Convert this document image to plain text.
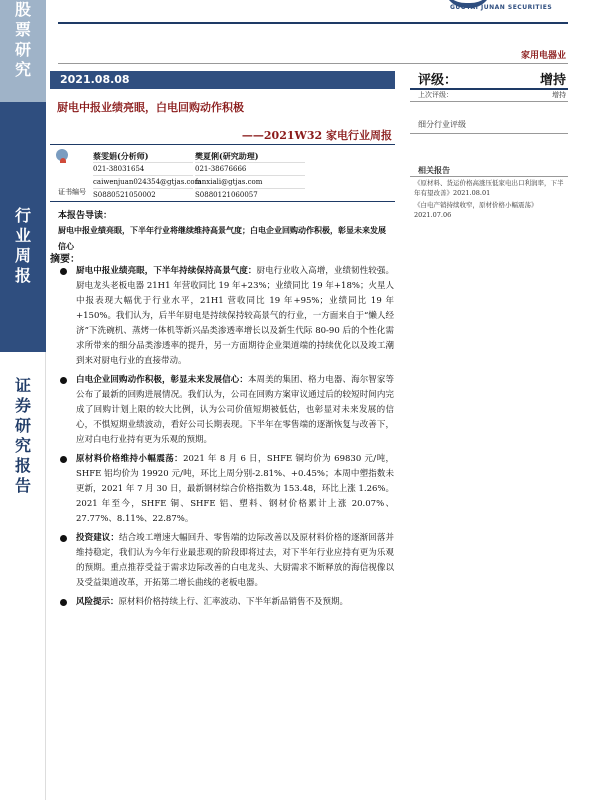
股票研究
行业周报
证券研究报告
GUOTAI JUNAN SECURITIES
家用电器业
2021.08.08
厨电中报业绩亮眼，白电回购动作积极
——2021W32 家电行业周报
蔡雯娟(分析师)
021-38031654
caiwenjuan024354@gtjas.com
S0880521050002
樊夏俐(研究助理)
021-38676666
fanxiali@gtjas.com
S0880121060057
证书编号
本报告导读：
厨电中报业绩亮眼，下半年行业将继续维持高景气度；白电企业回购动作积极，彰显未来发展信心
摘要：
厨电中报业绩亮眼，下半年持续保持高景气度：厨电行业收入高增，业绩韧性较强。厨电龙头老板电器 21H1 年营收同比 19 年+23%；业绩同比 19 年+18%；火星人中报表现大幅优于行业水平，21H1 营收同比 19 年+95%；业绩同比 19 年+150%。我们认为，后半年厨电是持续保持较高景气的行业，一方面来自于“懒人经济”下洗碗机、蒸烤一体机等新兴品类渗透率增长以及新生代际 80-90 后的个性化需求所带来的细分品类渗透率的提升，另一方面期待企业渠道端的持续优化以及竣工潮到来对厨电行业的直接带动。
白电企业回购动作积极，彰显未来发展信心：本周美的集团、格力电器、海尔智家等公布了最新的回购进展情况。我们认为，公司在回购方案审议通过后的较短时间内完成了回购计划上限的较大比例，认为公司价值短期被低估，也彰显对未来发展的信心，不惧短期业绩波动，看好公司长期表现。下半年在零售端的逐渐恢复与改善下，应对白电行业持有更为乐观的预期。
原材料价格维持小幅震荡：2021 年 8 月 6 日，SHFE 铜均价为 69830 元/吨，SHFE 铝均价为 19920 元/吨，环比上周分别-2.81%、+0.45%；本周中塑指数未更新，2021 年 7 月 30 日，最新钢材综合价格指数为 153.48，环比上涨 1.26%。2021 年至今，SHFE 铜、SHFE 铝、塑料、钢材价格累计上涨 20.07%、27.77%、8.11%、22.87%。
投资建议：结合竣工增速大幅回升、零售端的边际改善以及原材料价格的逐渐回落并维持稳定，我们认为今年行业最悲观的阶段即将过去，对下半年行业应持有更为乐观的预期。重点推荐受益于需求边际改善的白电龙头、大厨需求不断释放的海信视像以及受益渠道改革，开拓第二增长曲线的老板电器。
风险提示：原材料价格持续上行、汇率波动、下半年新品销售不及预期。
评级：	增持
上次评级：	增持
细分行业评级
相关报告
《原材料、货运价格高涨压低家电出口利润率，下半年有望改善》2021.08.01
《白电产销持续收窄，原材价格小幅震荡》2021.07.06
